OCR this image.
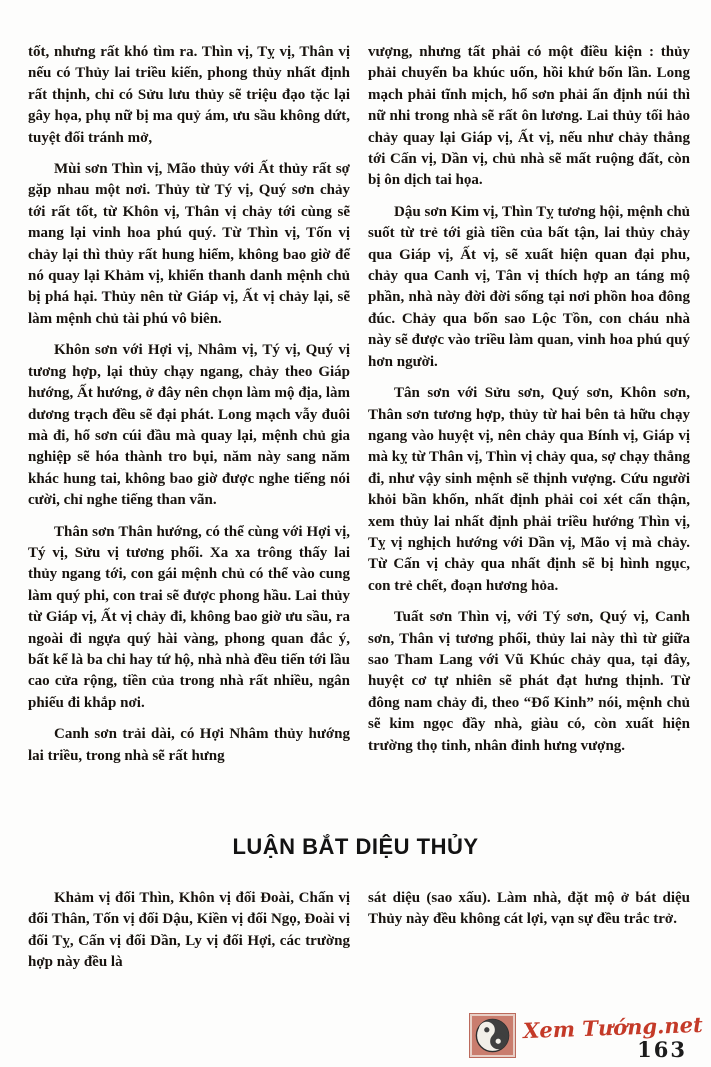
tốt, nhưng rất khó tìm ra. Thìn vị, Tỵ vị, Thân vị nếu có Thủy lai triều kiến, phong thủy nhất định rất thịnh, chỉ có Sửu lưu thủy sẽ triệu đạo tặc lại gây họa, phụ nữ bị ma quỷ ám, ưu sầu không dứt, tuyệt đối tránh mở,

Mùi sơn Thìn vị, Mão thủy với Ất thủy rất sợ gặp nhau một nơi. Thủy từ Tý vị, Quý sơn chảy tới rất tốt, từ Khôn vị, Thân vị chảy tới cùng sẽ mang lại vinh hoa phú quý. Từ Thìn vị, Tốn vị chảy lại thì thủy rất hung hiểm, không bao giờ để nó quay lại Khảm vị, khiến thanh danh mệnh chủ bị phá hại. Thủy nên từ Giáp vị, Ất vị chảy lại, sẽ làm mệnh chủ tài phú vô biên.

Khôn sơn với Hợi vị, Nhâm vị, Tý vị, Quý vị tương hợp, lại thủy chạy ngang, chảy theo Giáp hướng, Ất hướng, ở đây nên chọn làm mộ địa, làm dương trạch đều sẽ đại phát. Long mạch vẫy đuôi mà đi, hổ sơn cúi đầu mà quay lại, mệnh chủ gia nghiệp sẽ hóa thành tro bụi, năm này sang năm khác hung tai, không bao giờ được nghe tiếng nói cười, chỉ nghe tiếng than vãn.

Thân sơn Thân hướng, có thể cùng với Hợi vị, Tý vị, Sửu vị tương phối. Xa xa trông thấy lai thủy ngang tới, con gái mệnh chủ có thể vào cung làm quý phi, con trai sẽ được phong hầu. Lai thủy từ Giáp vị, Ất vị chảy đi, không bao giờ ưu sầu, ra ngoài đi ngựa quý hài vàng, phong quan đắc ý, bất kể là ba chi hay tứ hộ, nhà nhà đều tiến tới lầu cao cửa rộng, tiền của trong nhà rất nhiều, ngân phiếu đi khắp nơi.

Canh sơn trải dài, có Hợi Nhâm thủy hướng lai triều, trong nhà sẽ rất hưng

vượng, nhưng tất phải có một điều kiện : thủy phải chuyển ba khúc uốn, hồi khứ bốn lần. Long mạch phải tĩnh mịch, hổ sơn phải ẩn định núi thì nữ nhi trong nhà sẽ rất ôn lương. Lai thủy tối hảo chảy quay lại Giáp vị, Ất vị, nếu như chảy thẳng tới Cấn vị, Dần vị, chủ nhà sẽ mất ruộng đất, còn bị ôn dịch tai họa.

Dậu sơn Kim vị, Thìn Tỵ tương hội, mệnh chủ suốt từ trẻ tới già tiền của bất tận, lai thủy chảy qua Giáp vị, Ất vị, sẽ xuất hiện quan đại phu, chảy qua Canh vị, Tân vị thích hợp an táng mộ phần, nhà này đời đời sống tại nơi phồn hoa đông đúc. Chảy qua bốn sao Lộc Tồn, con cháu nhà này sẽ được vào triều làm quan, vinh hoa phú quý hơn người.

Tân sơn với Sửu sơn, Quý sơn, Khôn sơn, Thân sơn tương hợp, thủy từ hai bên tả hữu chạy ngang vào huyệt vị, nên chảy qua Bính vị, Giáp vị mà kỵ từ Thân vị, Thìn vị chảy qua, sợ chạy thẳng đi, như vậy sinh mệnh sẽ thịnh vượng. Cứu người khỏi bần khốn, nhất định phải coi xét cẩn thận, xem thủy lai nhất định phải triều hướng Thìn vị, Tỵ vị nghịch hướng với Dần vị, Mão vị mà chảy. Từ Cấn vị chảy qua nhất định sẽ bị hình ngục, con trẻ chết, đoạn hương hỏa.

Tuất sơn Thìn vị, với Tý sơn, Quý vị, Canh sơn, Thân vị tương phối, thủy lai này thì từ giữa sao Tham Lang với Vũ Khúc chảy qua, tại đây, huyệt cơ tự nhiên sẽ phát đạt hưng thịnh. Từ đông nam chảy đi, theo “Đổ Kinh” nói, mệnh chủ sẽ kim ngọc đầy nhà, giàu có, còn xuất hiện trường thọ tinh, nhân đinh hưng vượng.

LUẬN BẮT DIỆU THỦY

Khảm vị đối Thìn, Khôn vị đối Đoài, Chấn vị đối Thân, Tốn vị đối Dậu, Kiền vị đối Ngọ, Đoài vị đối Tỵ, Cấn vị đối Dần, Ly vị đối Hợi, các trường hợp này đều là

sát diệu (sao xấu). Làm nhà, đặt mộ ở bát diệu Thủy này đều không cát lợi, vạn sự đều trắc trở.

Xem Tướng.net
163
